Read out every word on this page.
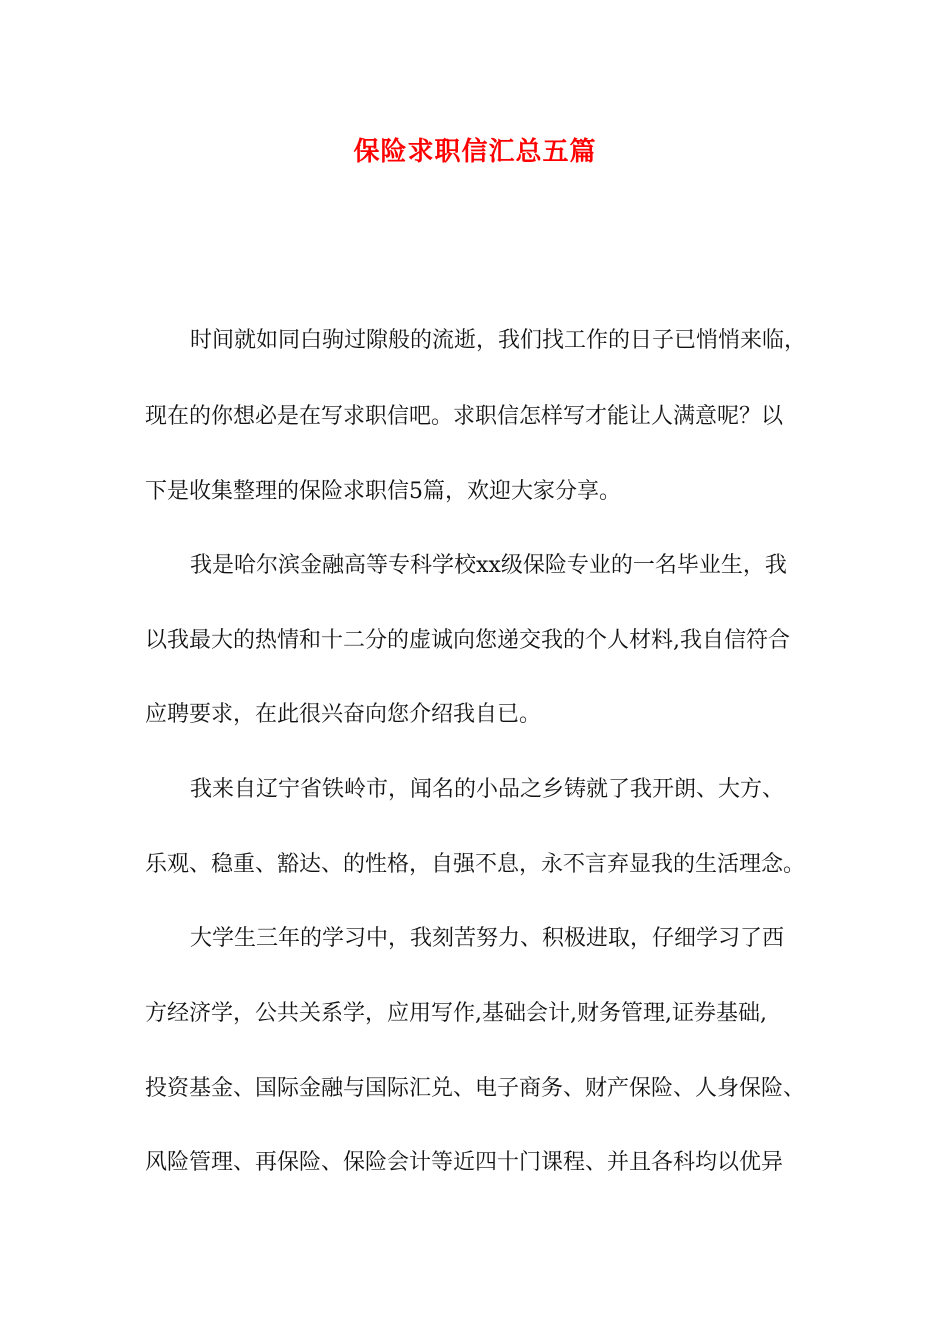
保险求职信汇总五篇
时间就如同白驹过隙般的流逝，我们找工作的日子已悄悄来临，
现在的你想必是在写求职信吧。求职信怎样写才能让人满意呢？以
下是收集整理的保险求职信5篇，欢迎大家分享。
我是哈尔滨金融高等专科学校xx级保险专业的一名毕业生，我
以我最大的热情和十二分的虚诚向您递交我的个人材料,我自信符合
应聘要求，在此很兴奋向您介绍我自已。
我来自辽宁省铁岭市，闻名的小品之乡铸就了我开朗、大方、
乐观、稳重、豁达、的性格，自强不息，永不言弃显我的生活理念。
大学生三年的学习中，我刻苦努力、积极进取，仔细学习了西
方经济学，公共关系学，应用写作,基础会计,财务管理,证券基础,
投资基金、国际金融与国际汇兑、电子商务、财产保险、人身保险、
风险管理、再保险、保险会计等近四十门课程、并且各科均以优异
